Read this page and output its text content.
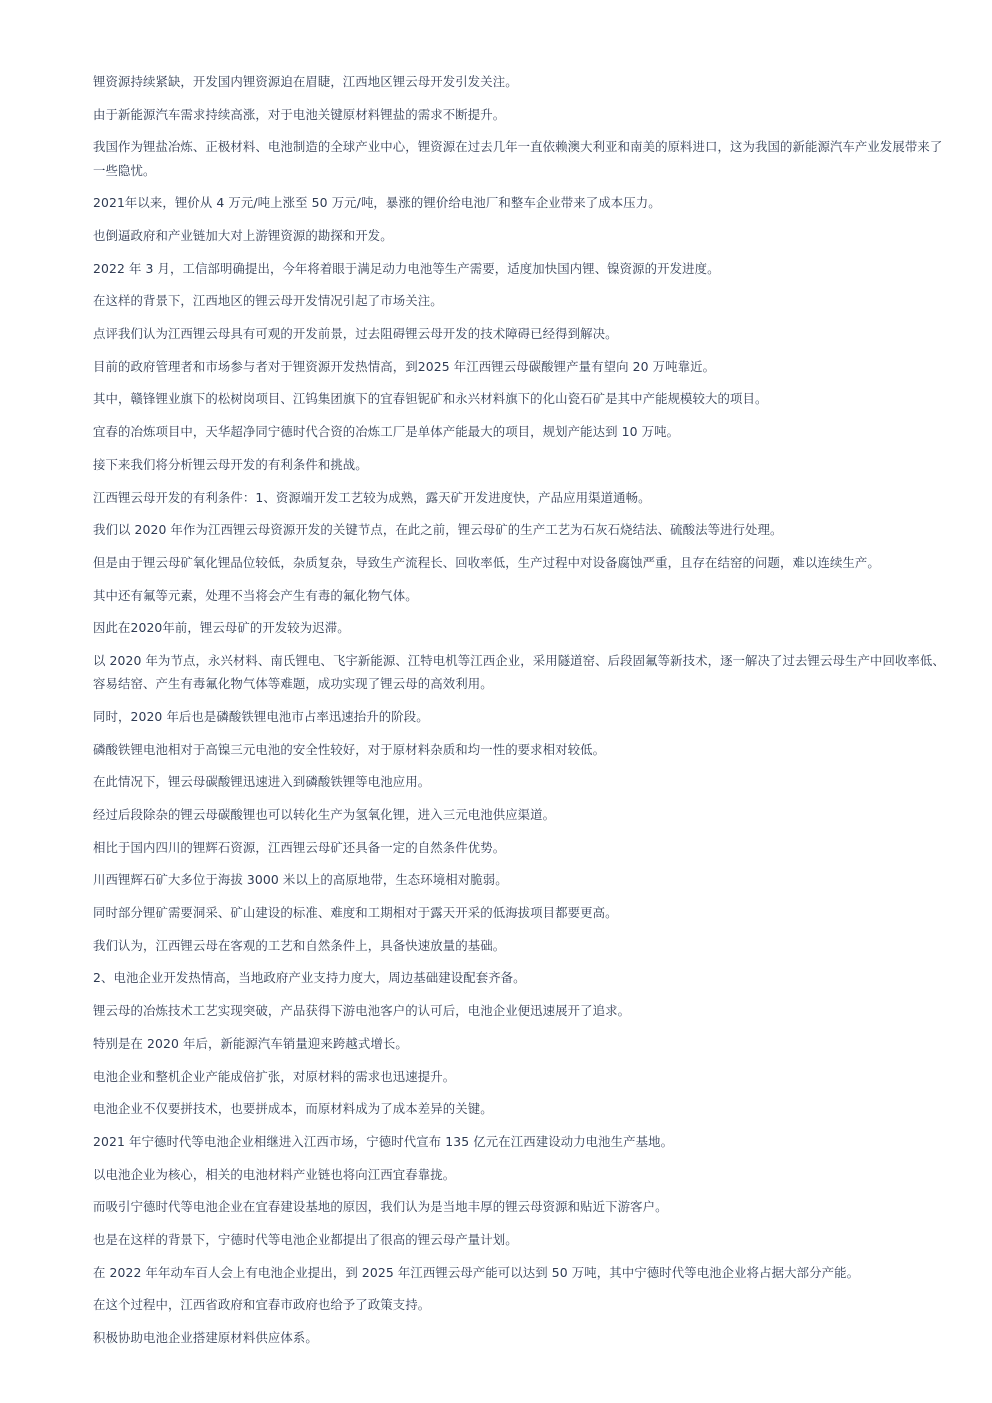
锂资源持续紧缺，开发国内锂资源迫在眉睫，江西地区锂云母开发引发关注。
由于新能源汽车需求持续高涨，对于电池关键原材料锂盐的需求不断提升。
我国作为锂盐冶炼、正极材料、电池制造的全球产业中心，锂资源在过去几年一直依赖澳大利亚和南美的原料进口，这为我国的新能源汽车产业发展带来了一些隐忧。
2021年以来，锂价从 4 万元/吨上涨至 50 万元/吨，暴涨的锂价给电池厂和整车企业带来了成本压力。
也倒逼政府和产业链加大对上游锂资源的勘探和开发。
2022 年 3 月，工信部明确提出，今年将着眼于满足动力电池等生产需要，适度加快国内锂、镍资源的开发进度。
在这样的背景下，江西地区的锂云母开发情况引起了市场关注。
点评我们认为江西锂云母具有可观的开发前景，过去阻碍锂云母开发的技术障碍已经得到解决。
目前的政府管理者和市场参与者对于锂资源开发热情高，到2025 年江西锂云母碳酸锂产量有望向 20 万吨靠近。
其中，赣锋锂业旗下的松树岗项目、江钨集团旗下的宜春钽铌矿和永兴材料旗下的化山瓷石矿是其中产能规模较大的项目。
宜春的冶炼项目中，天华超净同宁德时代合资的冶炼工厂是单体产能最大的项目，规划产能达到 10 万吨。
接下来我们将分析锂云母开发的有利条件和挑战。
江西锂云母开发的有利条件：1、资源端开发工艺较为成熟，露天矿开发进度快，产品应用渠道通畅。
我们以 2020 年作为江西锂云母资源开发的关键节点，在此之前，锂云母矿的生产工艺为石灰石烧结法、硫酸法等进行处理。
但是由于锂云母矿氧化锂品位较低，杂质复杂，导致生产流程长、回收率低，生产过程中对设备腐蚀严重，且存在结窑的问题，难以连续生产。
其中还有氟等元素，处理不当将会产生有毒的氟化物气体。
因此在2020年前，锂云母矿的开发较为迟滞。
以 2020 年为节点，永兴材料、南氏锂电、飞宇新能源、江特电机等江西企业，采用隧道窑、后段固氟等新技术，逐一解决了过去锂云母生产中回收率低、容易结窑、产生有毒氟化物气体等难题，成功实现了锂云母的高效利用。
同时，2020 年后也是磷酸铁锂电池市占率迅速抬升的阶段。
磷酸铁锂电池相对于高镍三元电池的安全性较好，对于原材料杂质和均一性的要求相对较低。
在此情况下，锂云母碳酸锂迅速进入到磷酸铁锂等电池应用。
经过后段除杂的锂云母碳酸锂也可以转化生产为氢氧化锂，进入三元电池供应渠道。
相比于国内四川的锂辉石资源，江西锂云母矿还具备一定的自然条件优势。
川西锂辉石矿大多位于海拔 3000 米以上的高原地带，生态环境相对脆弱。
同时部分锂矿需要洞采、矿山建设的标准、难度和工期相对于露天开采的低海拔项目都要更高。
我们认为，江西锂云母在客观的工艺和自然条件上，具备快速放量的基础。
2、电池企业开发热情高，当地政府产业支持力度大，周边基础建设配套齐备。
锂云母的冶炼技术工艺实现突破，产品获得下游电池客户的认可后，电池企业便迅速展开了追求。
特别是在 2020 年后，新能源汽车销量迎来跨越式增长。
电池企业和整机企业产能成倍扩张，对原材料的需求也迅速提升。
电池企业不仅要拼技术，也要拼成本，而原材料成为了成本差异的关键。
2021 年宁德时代等电池企业相继进入江西市场，宁德时代宣布 135 亿元在江西建设动力电池生产基地。
以电池企业为核心，相关的电池材料产业链也将向江西宜春靠拢。
而吸引宁德时代等电池企业在宜春建设基地的原因，我们认为是当地丰厚的锂云母资源和贴近下游客户。
也是在这样的背景下，宁德时代等电池企业都提出了很高的锂云母产量计划。
在 2022 年年动车百人会上有电池企业提出，到 2025 年江西锂云母产能可以达到 50 万吨，其中宁德时代等电池企业将占据大部分产能。
在这个过程中，江西省政府和宜春市政府也给予了政策支持。
积极协助电池企业搭建原材料供应体系。
